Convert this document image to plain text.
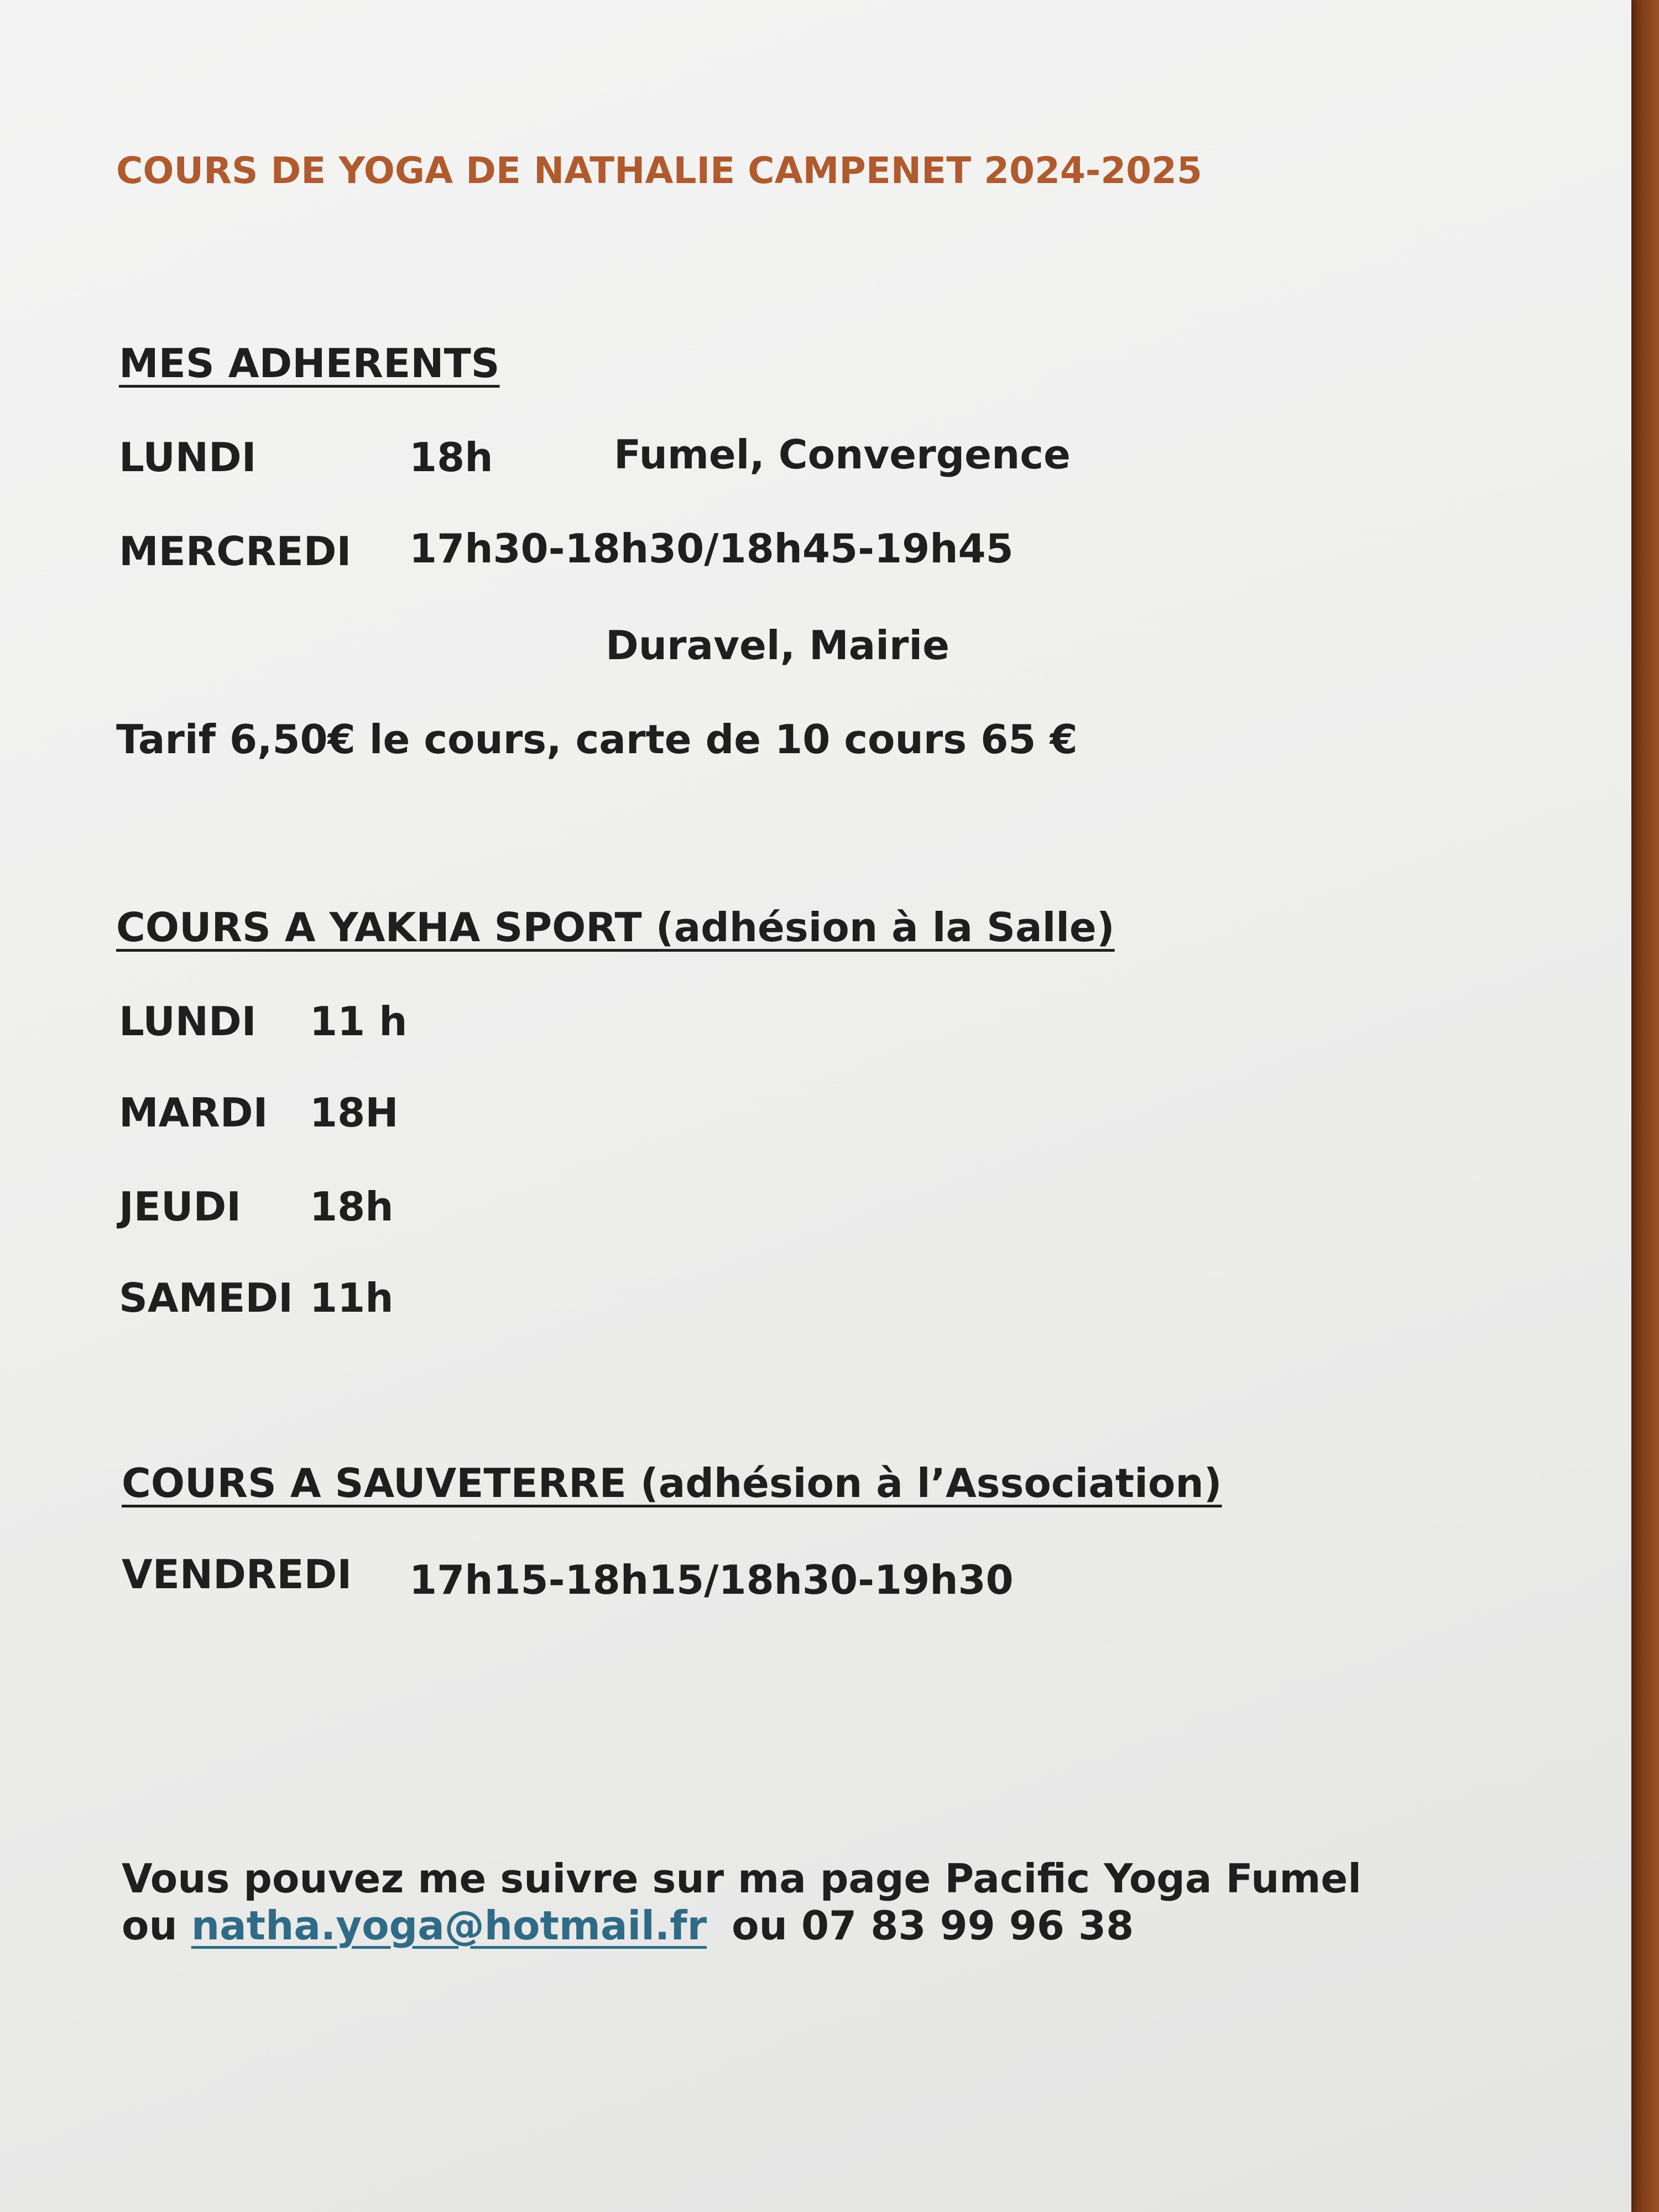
COURS DE YOGA DE NATHALIE CAMPENET 2024-2025
MES ADHERENTS
LUNDI	18h	Fumel, Convergence
MERCREDI 17h30-18h30/18h45-19h45
Duravel, Mairie
Tarif 6,50€ le cours, carte de 10 cours 65 €
COURS A YAKHA SPORT (adhésion à la Salle)
LUNDI 11 h
MARDI 18H
JEUDI 18h
SAMEDI 11h
COURS A SAUVETERRE (adhésion à l’Association)
VENDREDI 17h15-18h15/18h30-19h30
Vous pouvez me suivre sur ma page Pacific Yoga Fumel
ou natha.yoga@hotmail.fr ou 07 83 99 96 38
